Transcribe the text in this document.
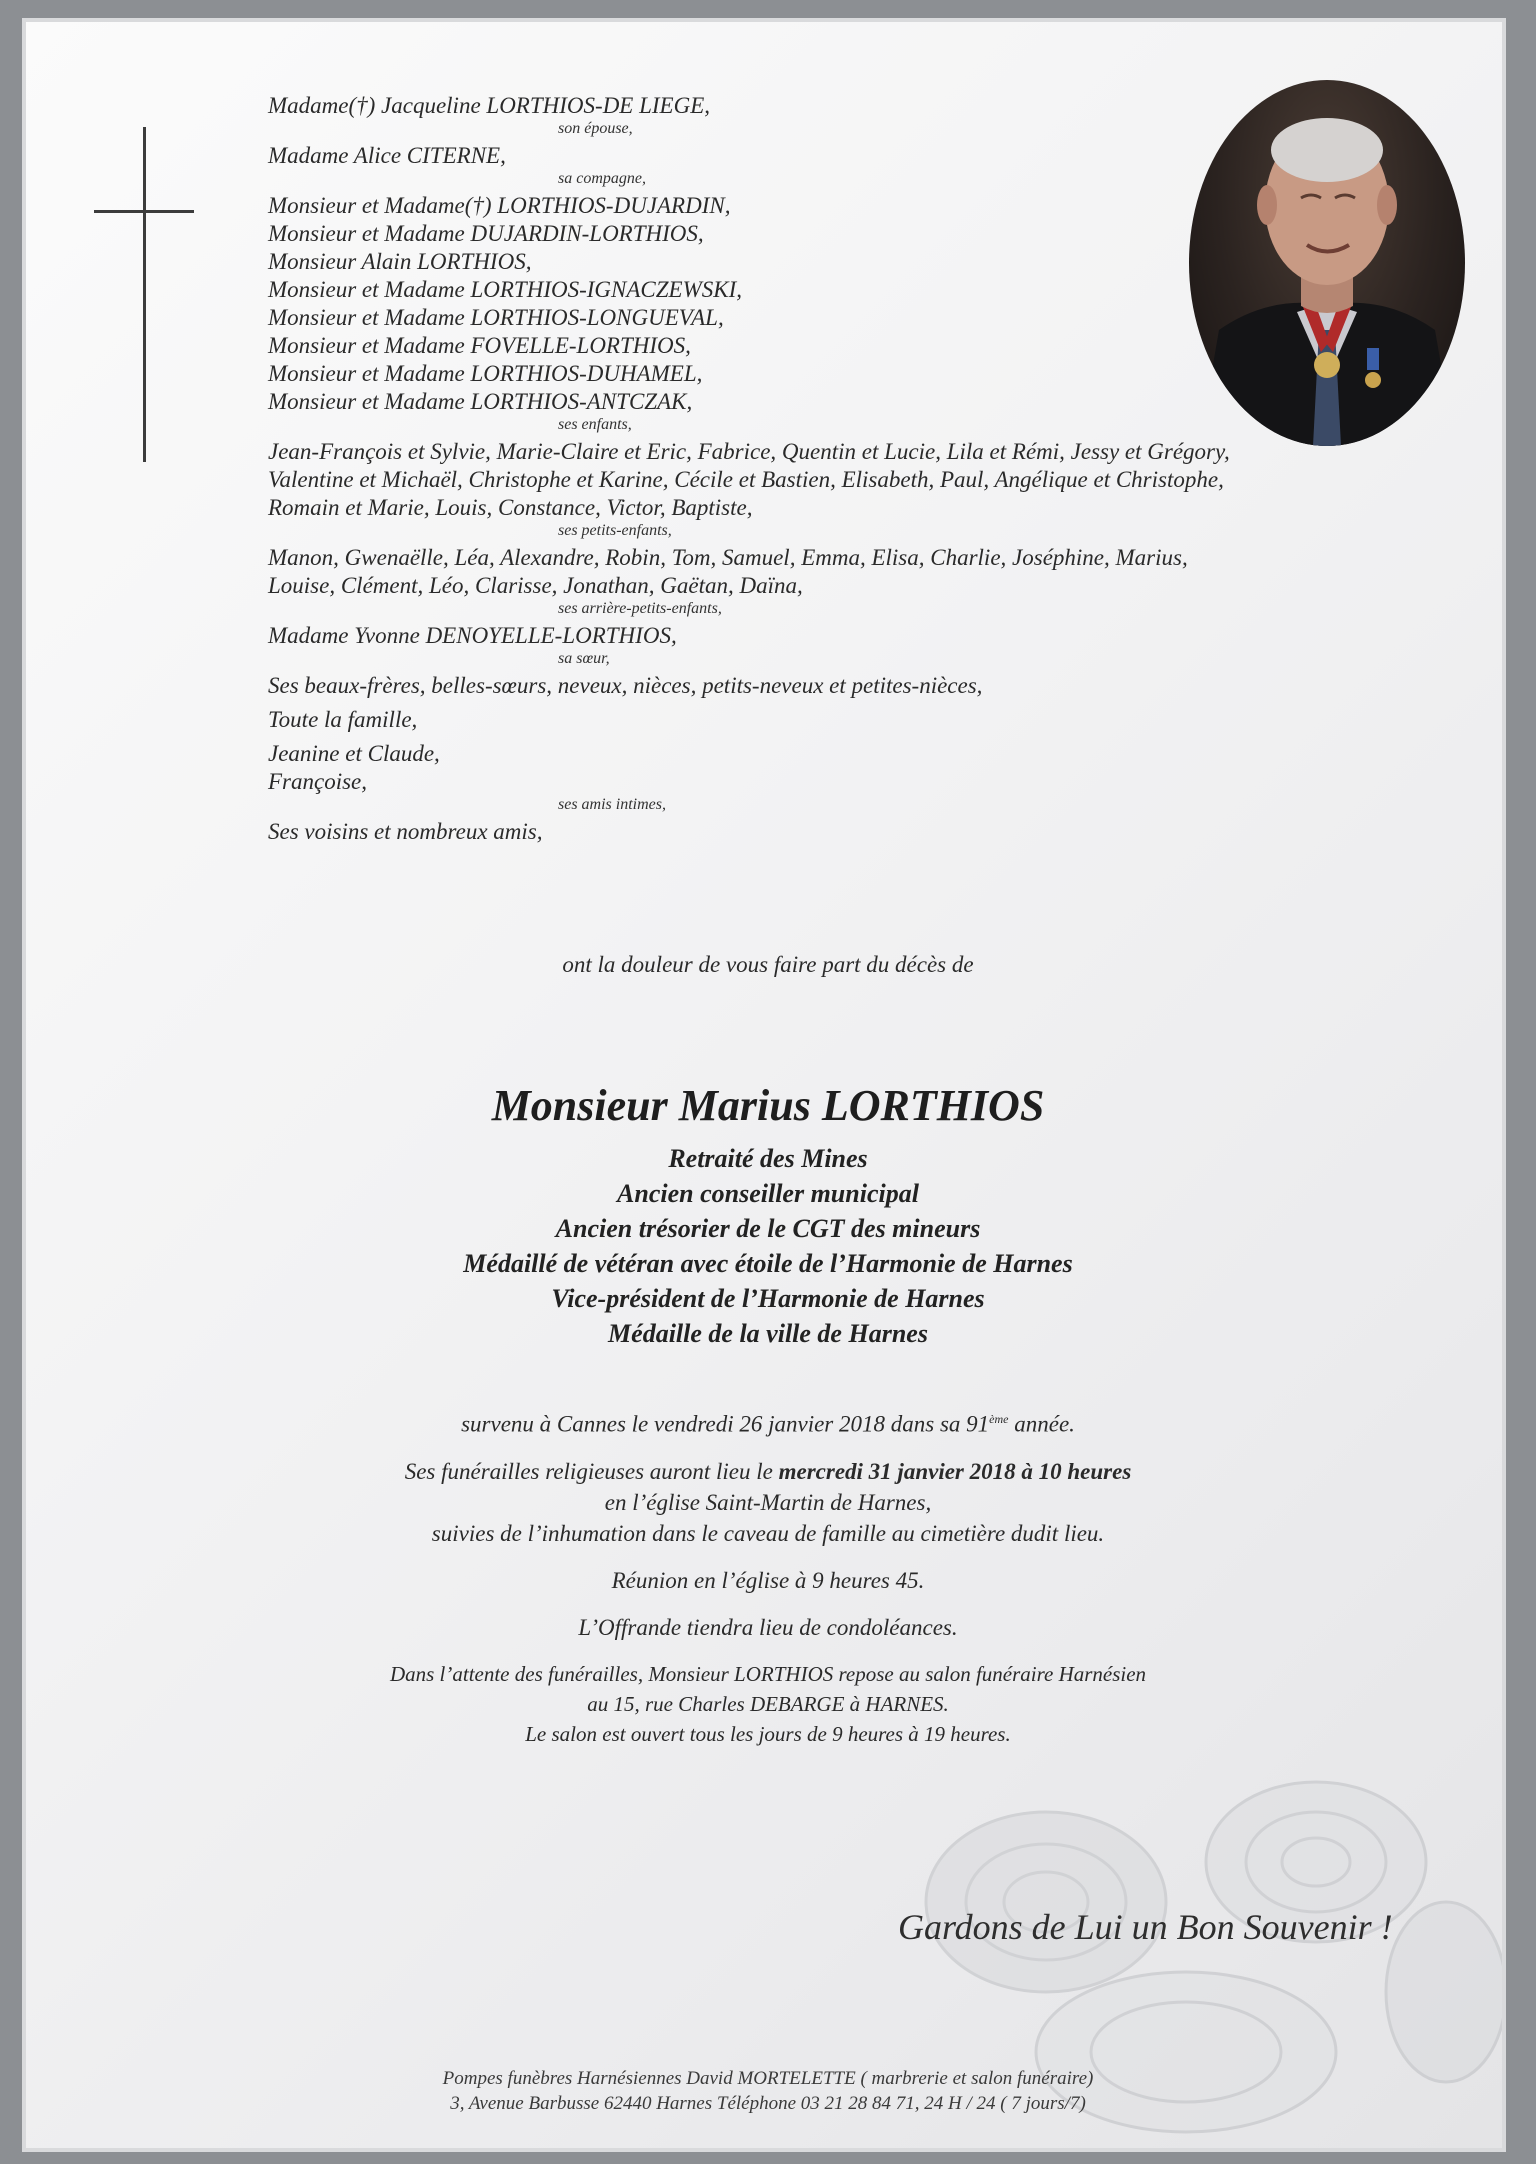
Madame(†) Jacqueline LORTHIOS-DE LIEGE,
son épouse,
Madame Alice CITERNE,
sa compagne,
Monsieur et Madame(†) LORTHIOS-DUJARDIN,
Monsieur et Madame DUJARDIN-LORTHIOS,
Monsieur Alain LORTHIOS,
Monsieur et Madame LORTHIOS-IGNACZEWSKI,
Monsieur et Madame LORTHIOS-LONGUEVAL,
Monsieur et Madame FOVELLE-LORTHIOS,
Monsieur et Madame LORTHIOS-DUHAMEL,
Monsieur et Madame LORTHIOS-ANTCZAK,
ses enfants,
Jean-François et Sylvie, Marie-Claire et Eric, Fabrice, Quentin et Lucie, Lila et Rémi, Jessy et Grégory,
Valentine et Michaël, Christophe et Karine, Cécile et Bastien, Elisabeth, Paul, Angélique et Christophe,
Romain et Marie, Louis, Constance, Victor, Baptiste,
ses petits-enfants,
Manon, Gwenaëlle, Léa, Alexandre, Robin, Tom, Samuel, Emma, Elisa, Charlie, Joséphine, Marius,
Louise, Clément, Léo, Clarisse, Jonathan, Gaëtan, Daïna,
ses arrière-petits-enfants,
Madame Yvonne DENOYELLE-LORTHIOS,
sa sœur,
Ses beaux-frères, belles-sœurs, neveux, nièces, petits-neveux et petites-nièces,
Toute la famille,
Jeanine et Claude,
Françoise,
ses amis intimes,
Ses voisins et nombreux amis,
ont la douleur de vous faire part du décès de
Monsieur Marius LORTHIOS
Retraité des Mines
Ancien conseiller municipal
Ancien trésorier de le CGT des mineurs
Médaillé de vétéran avec étoile de l’Harmonie de Harnes
Vice-président de l’Harmonie de Harnes
Médaille de la ville de Harnes

survenu à Cannes le vendredi 26 janvier 2018 dans sa 91ème année.

Ses funérailles religieuses auront lieu le mercredi 31 janvier 2018 à 10 heures

en l’église Saint-Martin de Harnes,

suivies de l’inhumation dans le caveau de famille au cimetière dudit lieu.

Réunion en l’église à 9 heures 45.

L’Offrande tiendra lieu de condoléances.

Dans l’attente des funérailles, Monsieur LORTHIOS repose au salon funéraire Harnésien

au 15, rue Charles DEBARGE à HARNES.

Le salon est ouvert tous les jours de 9 heures à 19 heures.

Gardons de Lui un Bon Souvenir !
Pompes funèbres Harnésiennes David MORTELETTE ( marbrerie et salon funéraire)
3, Avenue Barbusse 62440 Harnes Téléphone 03 21 28 84 71, 24 H / 24 ( 7 jours/7)
